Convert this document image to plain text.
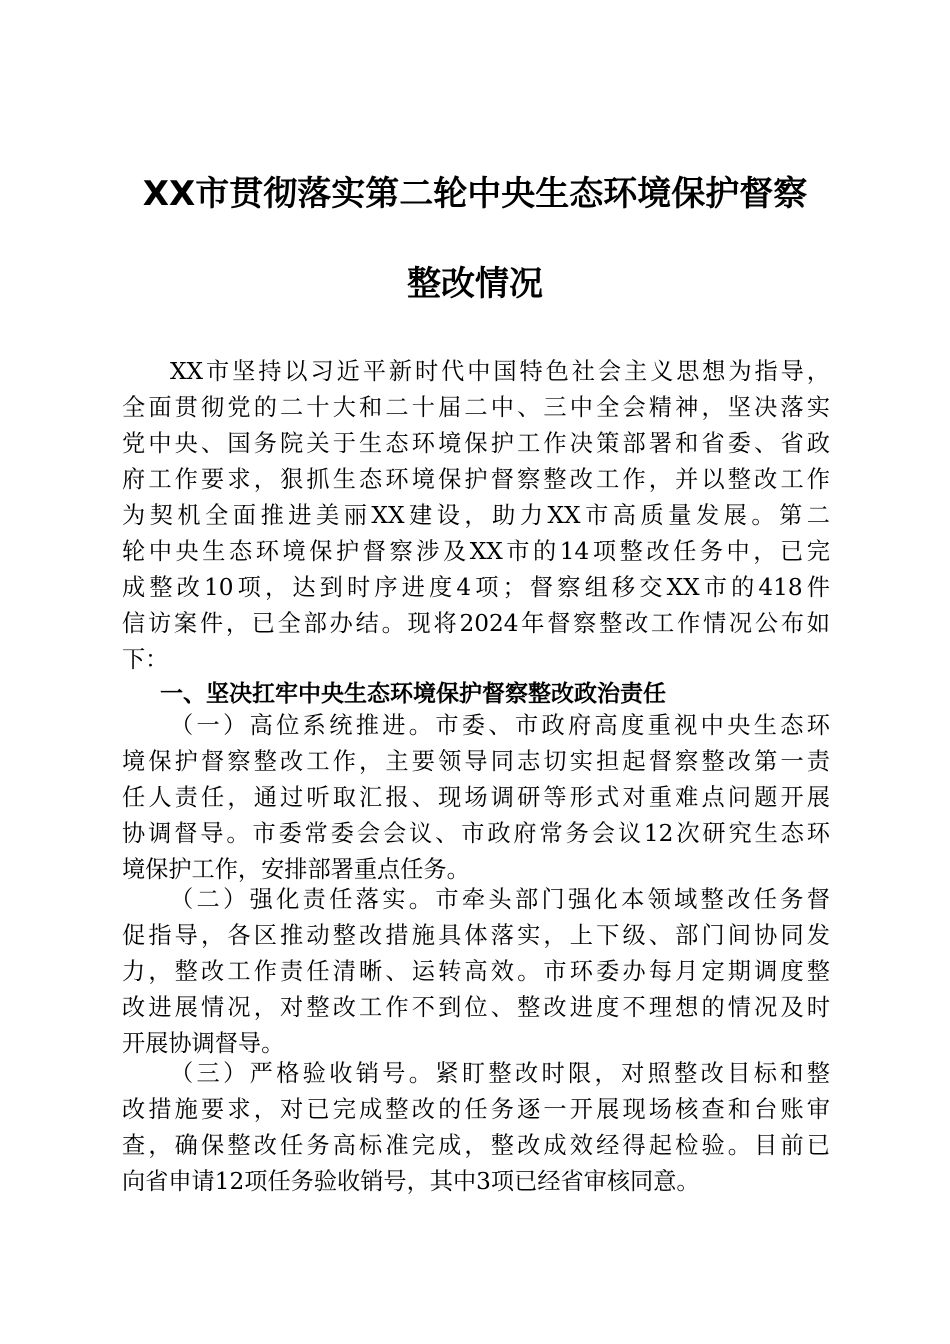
XX市贯彻落实第二轮中央生态环境保护督察
整改情况
XX市坚持以习近平新时代中国特色社会主义思想为指导，
全面贯彻党的二十大和二十届二中、三中全会精神，坚决落实
党中央、国务院关于生态环境保护工作决策部署和省委、省政
府工作要求，狠抓生态环境保护督察整改工作，并以整改工作
为契机全面推进美丽XX建设，助力XX市高质量发展。第二
轮中央生态环境保护督察涉及XX市的14项整改任务中，已完
成整改10项，达到时序进度4项；督察组移交XX市的418件
信访案件，已全部办结。现将2024年督察整改工作情况公布如
下：
一、坚决扛牢中央生态环境保护督察整改政治责任
（一）高位系统推进。市委、市政府高度重视中央生态环
境保护督察整改工作，主要领导同志切实担起督察整改第一责
任人责任，通过听取汇报、现场调研等形式对重难点问题开展
协调督导。市委常委会会议、市政府常务会议12次研究生态环
境保护工作，安排部署重点任务。
（二）强化责任落实。市牵头部门强化本领域整改任务督
促指导，各区推动整改措施具体落实，上下级、部门间协同发
力，整改工作责任清晰、运转高效。市环委办每月定期调度整
改进展情况，对整改工作不到位、整改进度不理想的情况及时
开展协调督导。
（三）严格验收销号。紧盯整改时限，对照整改目标和整
改措施要求，对已完成整改的任务逐一开展现场核查和台账审
查，确保整改任务高标准完成，整改成效经得起检验。目前已
向省申请12项任务验收销号，其中3项已经省审核同意。
